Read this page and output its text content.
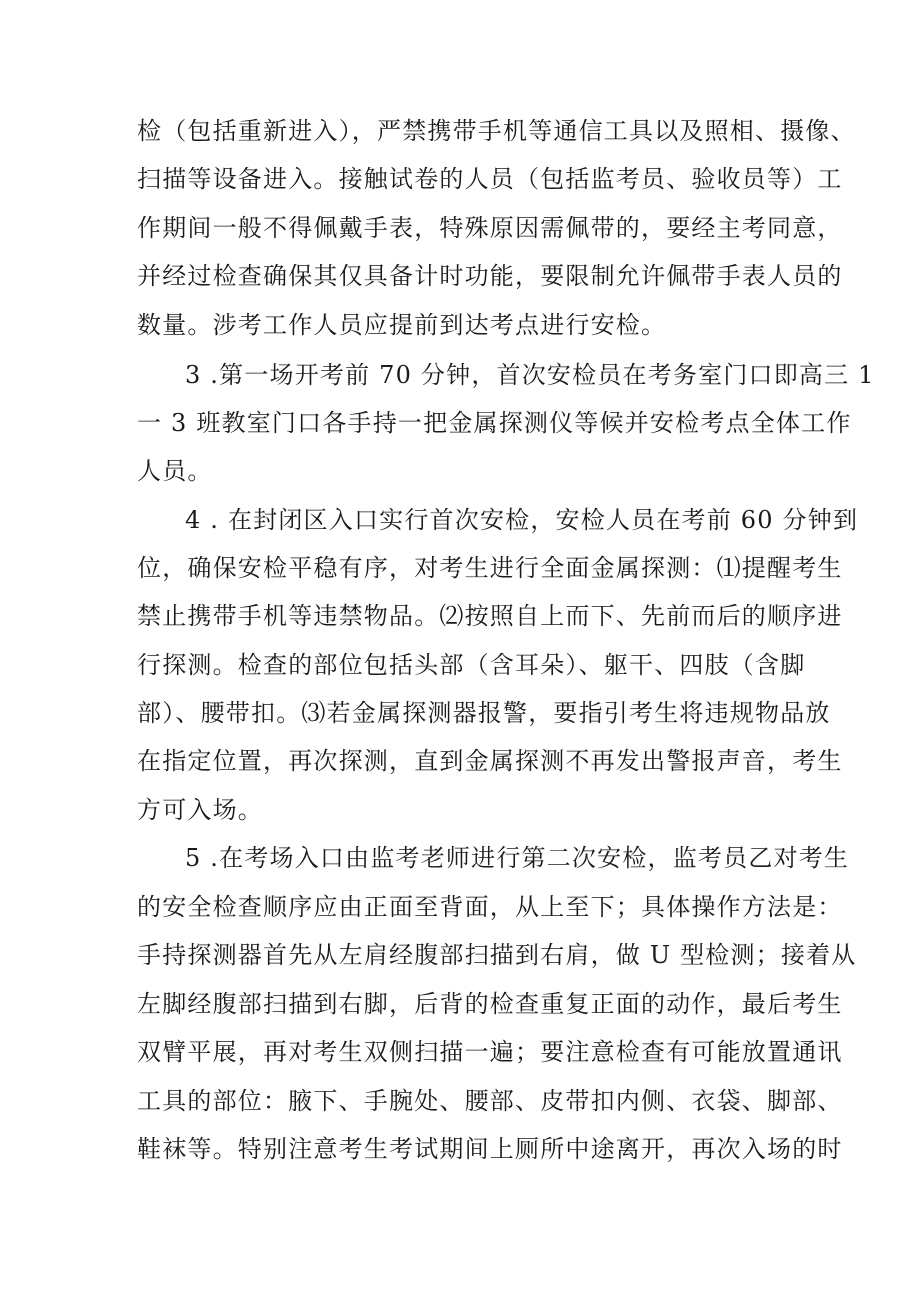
检（包括重新进入），严禁携带手机等通信工具以及照相、摄像、
扫描等设备进入。接触试卷的人员（包括监考员、验收员等）工
作期间一般不得佩戴手表，特殊原因需佩带的，要经主考同意，
并经过检查确保其仅具备计时功能，要限制允许佩带手表人员的
数量。涉考工作人员应提前到达考点进行安检。
3 .第一场开考前 70 分钟，首次安检员在考务室门口即高三 1
一 3 班教室门口各手持一把金属探测仪等候并安检考点全体工作
人员。
4 . 在封闭区入口实行首次安检，安检人员在考前 60 分钟到
位，确保安检平稳有序，对考生进行全面金属探测：⑴提醒考生
禁止携带手机等违禁物品。⑵按照自上而下、先前而后的顺序进
行探测。检查的部位包括头部（含耳朵）、躯干、四肢（含脚
部）、腰带扣。⑶若金属探测器报警，要指引考生将违规物品放
在指定位置，再次探测，直到金属探测不再发出警报声音，考生
方可入场。
5 .在考场入口由监考老师进行第二次安检，监考员乙对考生
的安全检查顺序应由正面至背面，从上至下；具体操作方法是：
手持探测器首先从左肩经腹部扫描到右肩，做 U 型检测；接着从
左脚经腹部扫描到右脚，后背的检查重复正面的动作，最后考生
双臂平展，再对考生双侧扫描一遍；要注意检查有可能放置通讯
工具的部位：腋下、手腕处、腰部、皮带扣内侧、衣袋、脚部、
鞋袜等。特别注意考生考试期间上厕所中途离开，再次入场的时
